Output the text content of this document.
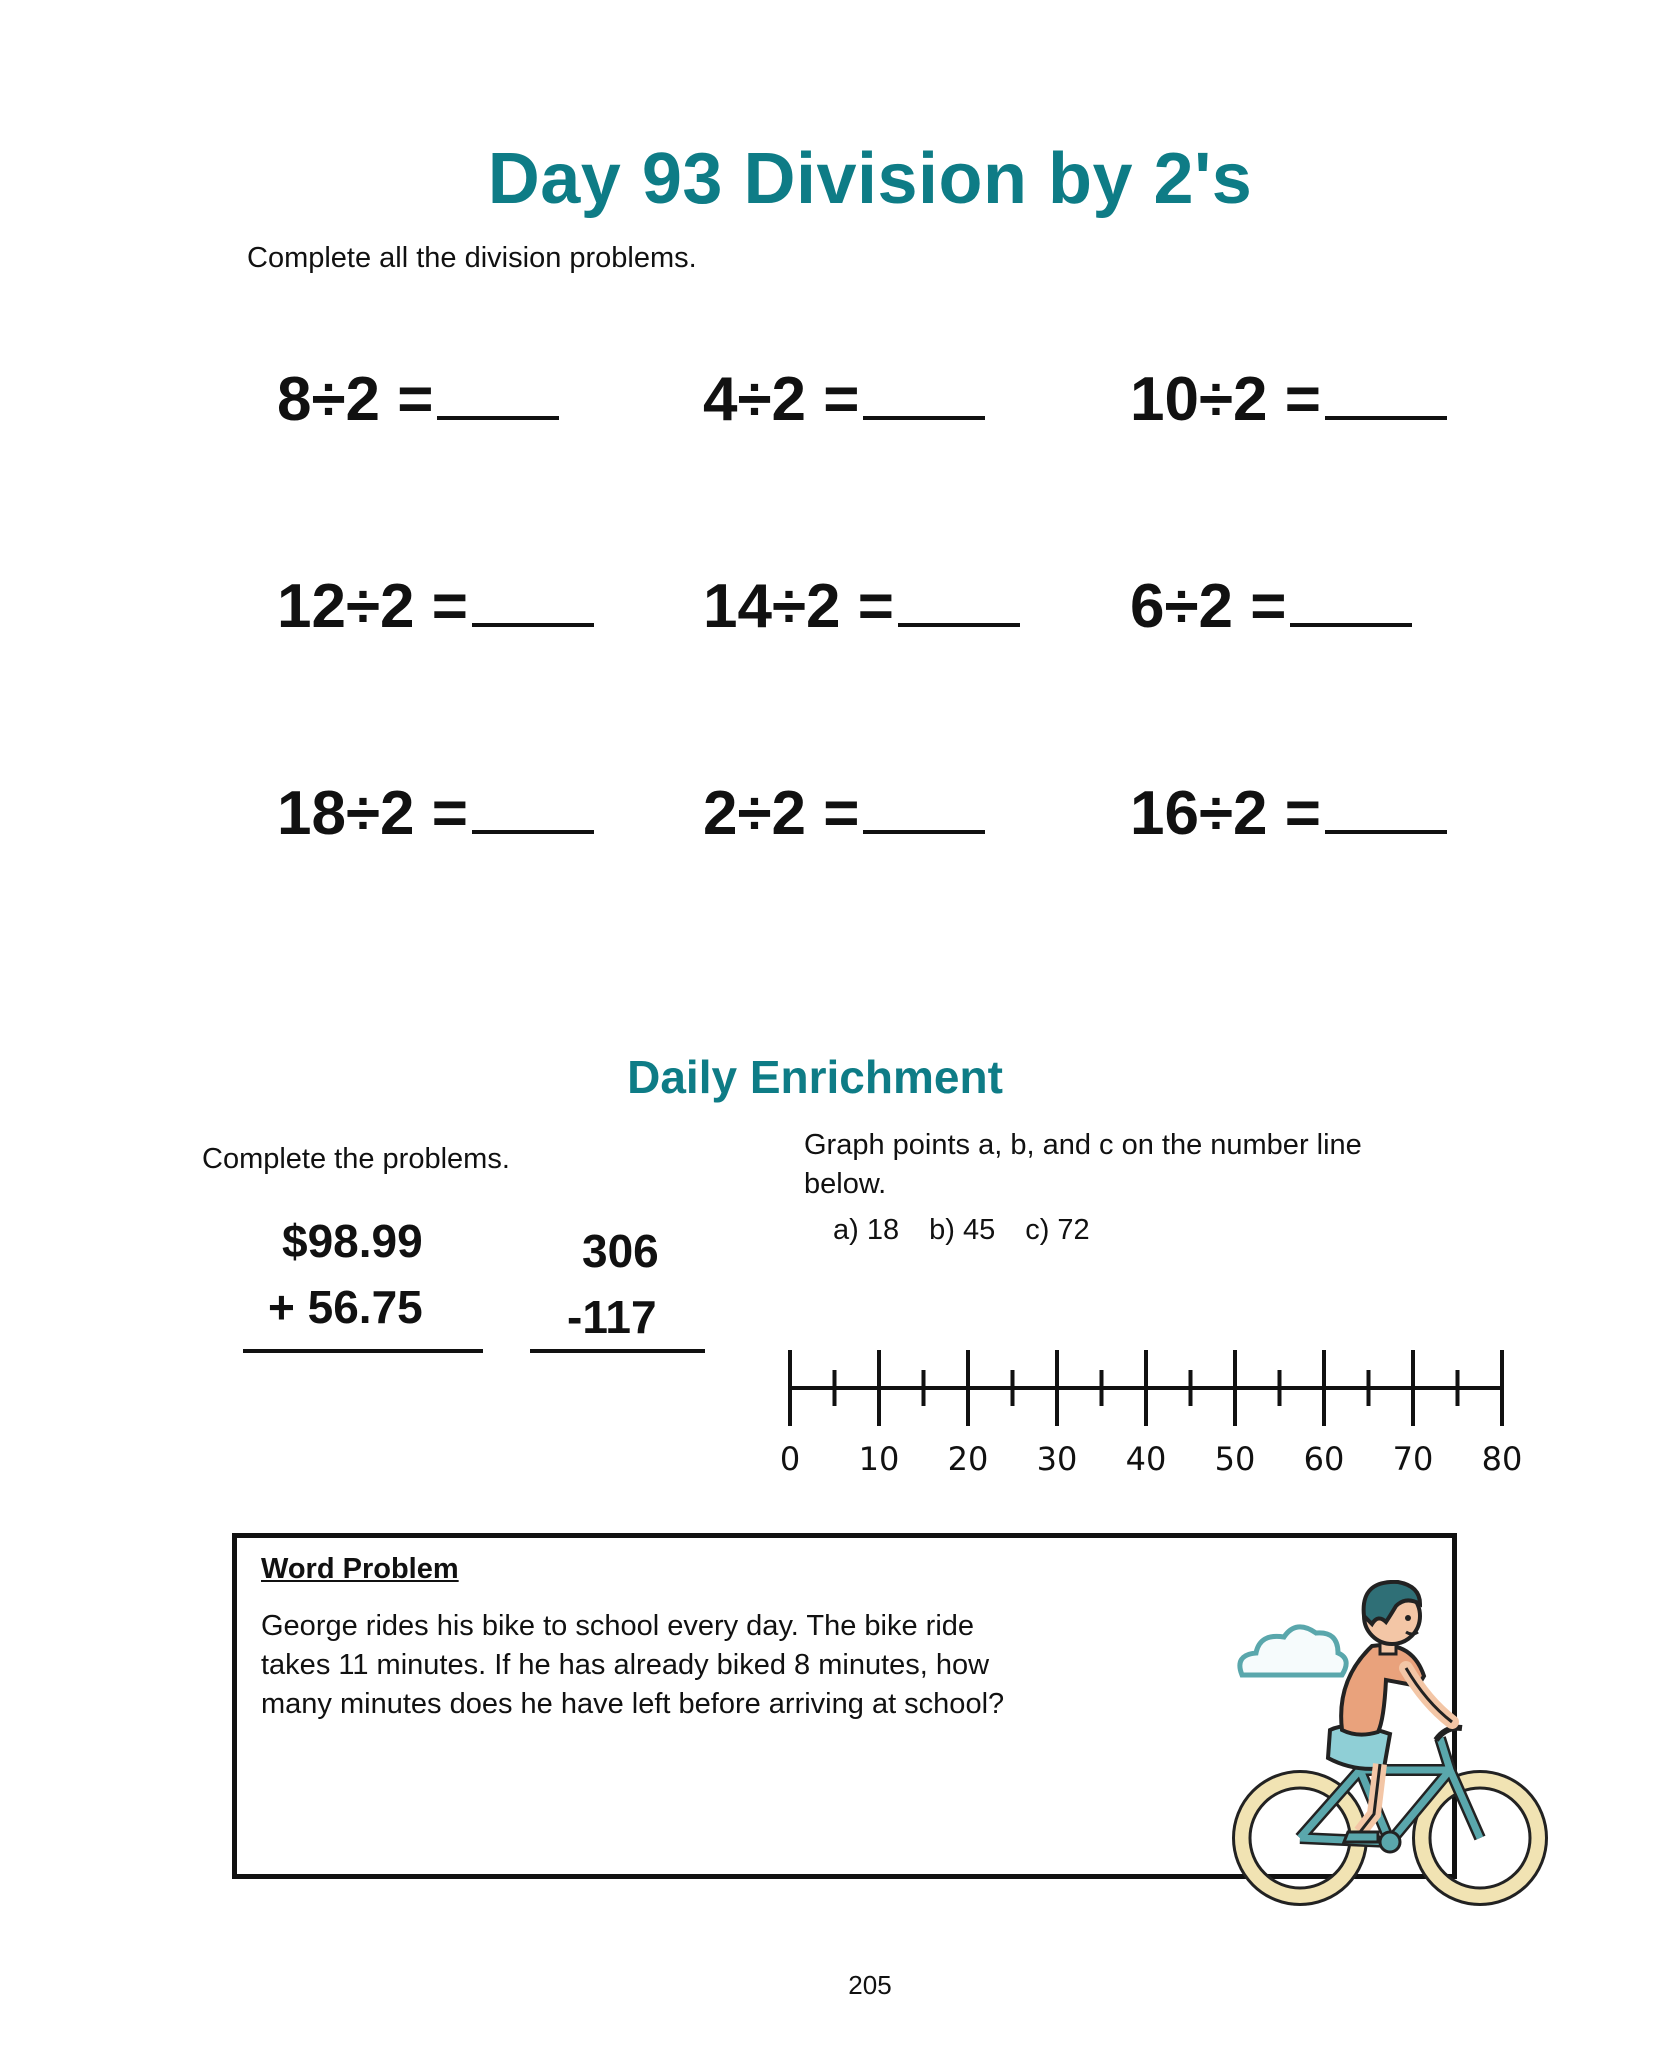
Day 93 Division by 2's
Complete all the division problems.
8÷2 =	4÷2 =	10÷2 =
12÷2 =	14÷2 =	6÷2 =
18÷2 =	2÷2 =	16÷2 =
Daily Enrichment
Complete the problems.
$98.99
+ 56.75
306
-117
Graph points a, b, and c on the number line below.
a) 18 b) 45 c) 72
0 10 20 30 40 50 60 70 80
Word Problem
George rides his bike to school every day. The bike ride takes 11 minutes. If he has already biked 8 minutes, how many minutes does he have left before arriving at school?
205
